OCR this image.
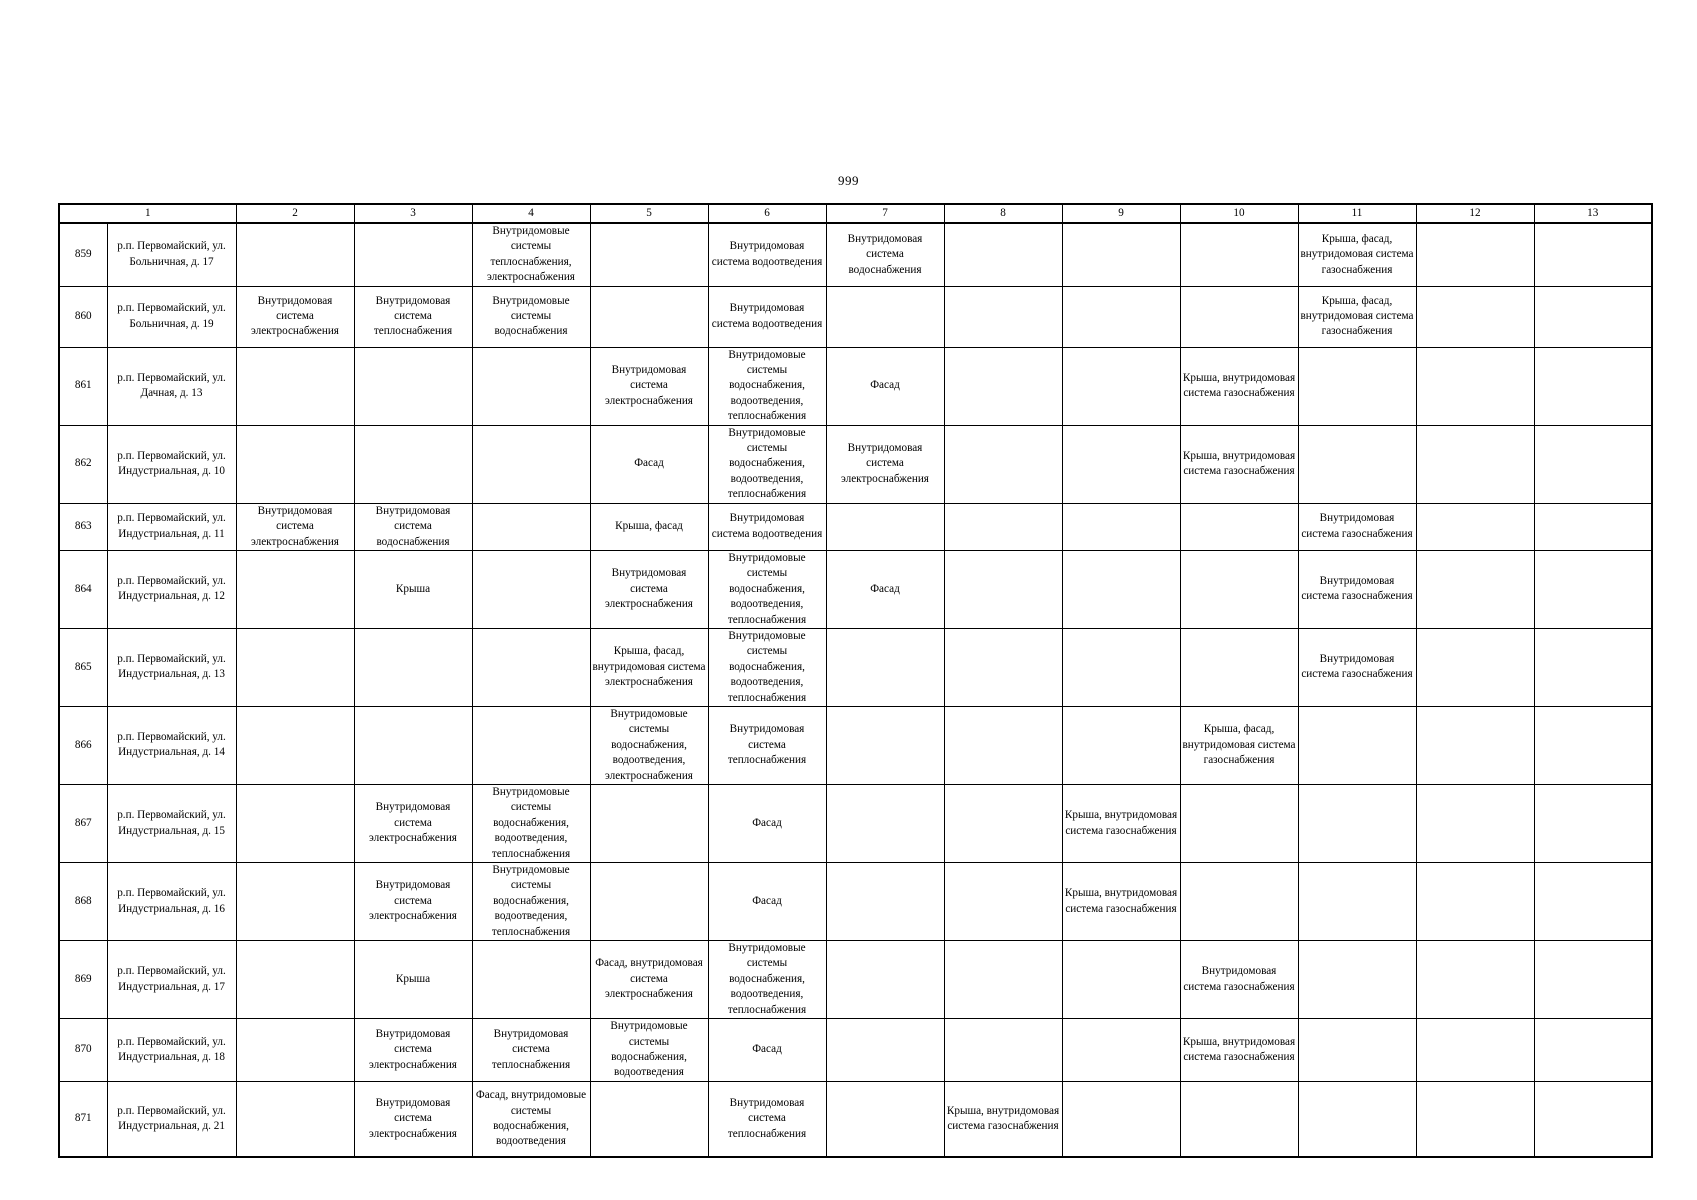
999
1		2	3	4	5	6	7	8	9	10	11	12	13
859	р.п. Первомайский, ул. Больничная, д. 17			Внутридомовые системы теплоснабжения, электроснабжения		Внутридомовая система водоотведения	Внутридомовая система водоснабжения				Крыша, фасад, внутридомовая система газоснабжения		
860	р.п. Первомайский, ул. Больничная, д. 19	Внутридомовая система электроснабжения	Внутридомовая система теплоснабжения	Внутридомовые системы водоснабжения		Внутридомовая система водоотведения					Крыша, фасад, внутридомовая система газоснабжения		
861	р.п. Первомайский, ул. Дачная, д. 13				Внутридомовая система электроснабжения	Внутридомовые системы водоснабжения, водоотведения, теплоснабжения	Фасад			Крыша, внутридомовая система газоснабжения			
862	р.п. Первомайский, ул. Индустриальная, д. 10				Фасад	Внутридомовые системы водоснабжения, водоотведения, теплоснабжения	Внутридомовая система электроснабжения			Крыша, внутридомовая система газоснабжения			
863	р.п. Первомайский, ул. Индустриальная, д. 11	Внутридомовая система электроснабжения	Внутридомовая система водоснабжения		Крыша, фасад	Внутридомовая система водоотведения					Внутридомовая система газоснабжения		
864	р.п. Первомайский, ул. Индустриальная, д. 12		Крыша		Внутридомовая система электроснабжения	Внутридомовые системы водоснабжения, водоотведения, теплоснабжения	Фасад				Внутридомовая система газоснабжения		
865	р.п. Первомайский, ул. Индустриальная, д. 13				Крыша, фасад, внутридомовая система электроснабжения	Внутридомовые системы водоснабжения, водоотведения, теплоснабжения					Внутридомовая система газоснабжения		
866	р.п. Первомайский, ул. Индустриальная, д. 14				Внутридомовые системы водоснабжения, водоотведения, электроснабжения	Внутридомовая система теплоснабжения				Крыша, фасад, внутридомовая система газоснабжения			
867	р.п. Первомайский, ул. Индустриальная, д. 15		Внутридомовая система электроснабжения	Внутридомовые системы водоснабжения, водоотведения, теплоснабжения		Фасад			Крыша, внутридомовая система газоснабжения				
868	р.п. Первомайский, ул. Индустриальная, д. 16		Внутридомовая система электроснабжения	Внутридомовые системы водоснабжения, водоотведения, теплоснабжения		Фасад			Крыша, внутридомовая система газоснабжения				
869	р.п. Первомайский, ул. Индустриальная, д. 17		Крыша		Фасад, внутридомовая система электроснабжения	Внутридомовые системы водоснабжения, водоотведения, теплоснабжения				Внутридомовая система газоснабжения			
870	р.п. Первомайский, ул. Индустриальная, д. 18		Внутридомовая система электроснабжения	Внутридомовая система теплоснабжения	Внутридомовые системы водоснабжения, водоотведения	Фасад				Крыша, внутридомовая система газоснабжения			
871	р.п. Первомайский, ул. Индустриальная, д. 21		Внутридомовая система электроснабжения	Фасад, внутридомовые системы водоснабжения, водоотведения		Внутридомовая система теплоснабжения		Крыша, внутридомовая система газоснабжения					
